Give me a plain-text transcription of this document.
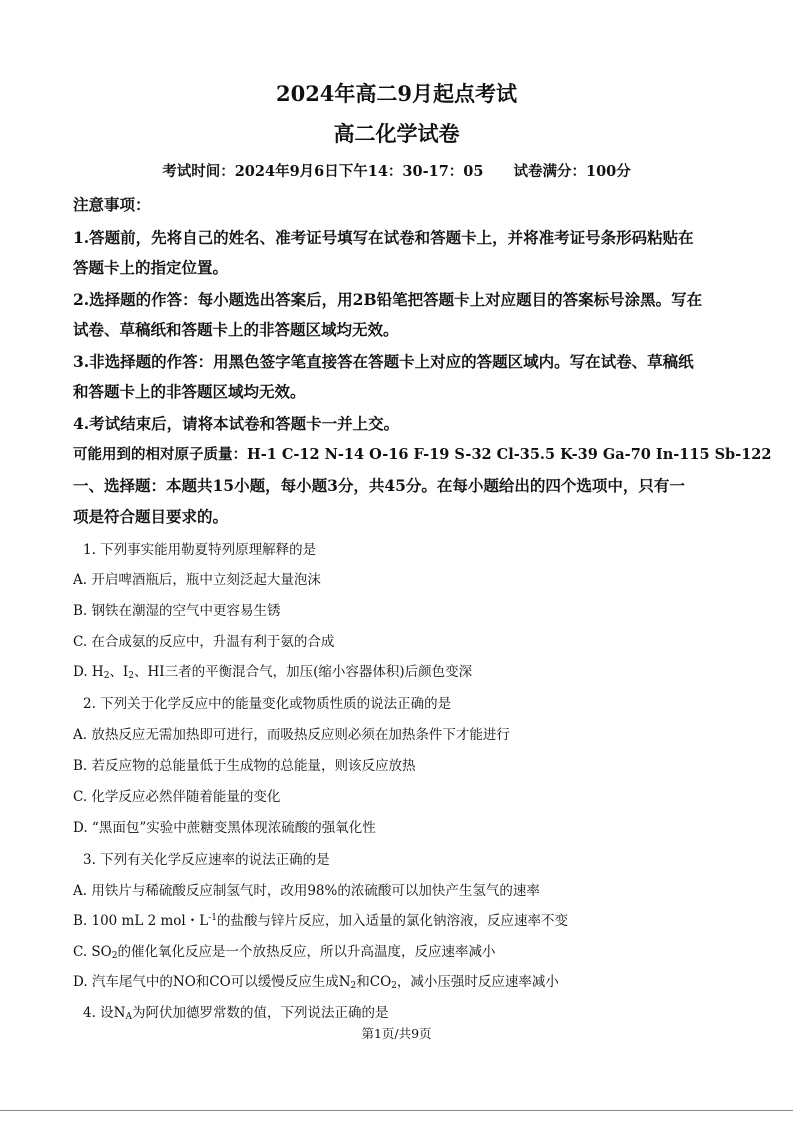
2024年高二9月起点考试
高二化学试卷
考试时间：2024年9月6日下午14：30-17：05 试卷满分：100分
注意事项：
1.答题前，先将自己的姓名、准考证号填写在试卷和答题卡上，并将准考证号条形码粘贴在
答题卡上的指定位置。
2.选择题的作答：每小题选出答案后，用2B铅笔把答题卡上对应题目的答案标号涂黑。写在
试卷、草稿纸和答题卡上的非答题区域均无效。
3.非选择题的作答：用黑色签字笔直接答在答题卡上对应的答题区域内。写在试卷、草稿纸
和答题卡上的非答题区域均无效。
4.考试结束后，请将本试卷和答题卡一并上交。
可能用到的相对原子质量：H-1 C-12 N-14 O-16 F-19 S-32 Cl-35.5 K-39 Ga-70 In-115 Sb-122
一、选择题：本题共15小题，每小题3分，共45分。在每小题给出的四个选项中，只有一
项是符合题目要求的。
1. 下列事实能用勒夏特列原理解释的是
A. 开启啤酒瓶后，瓶中立刻泛起大量泡沫
B. 钢铁在潮湿的空气中更容易生锈
C. 在合成氨的反应中，升温有利于氨的合成
D. $H_2$、$I_2$、HI三者的平衡混合气，加压(缩小容器体积)后颜色变深
2. 下列关于化学反应中的能量变化或物质性质的说法正确的是
A. 放热反应无需加热即可进行，而吸热反应则必须在加热条件下才能进行
B. 若反应物的总能量低于生成物的总能量，则该反应放热
C. 化学反应必然伴随着能量的变化
D. “黑面包”实验中蔗糖变黑体现浓硫酸的强氧化性
3. 下列有关化学反应速率的说法正确的是
A. 用铁片与稀硫酸反应制氢气时，改用98%的浓硫酸可以加快产生氢气的速率
B. 100 mL 2 mol・$L^{-1}$的盐酸与锌片反应，加入适量的氯化钠溶液，反应速率不变
C. $SO_2$的催化氧化反应是一个放热反应，所以升高温度，反应速率减小
D. 汽车尾气中的NO和CO可以缓慢反应生成$N_2$和$CO_2$，减小压强时反应速率减小
4. 设$N_A$为阿伏加德罗常数的值，下列说法正确的是
第1页/共9页
